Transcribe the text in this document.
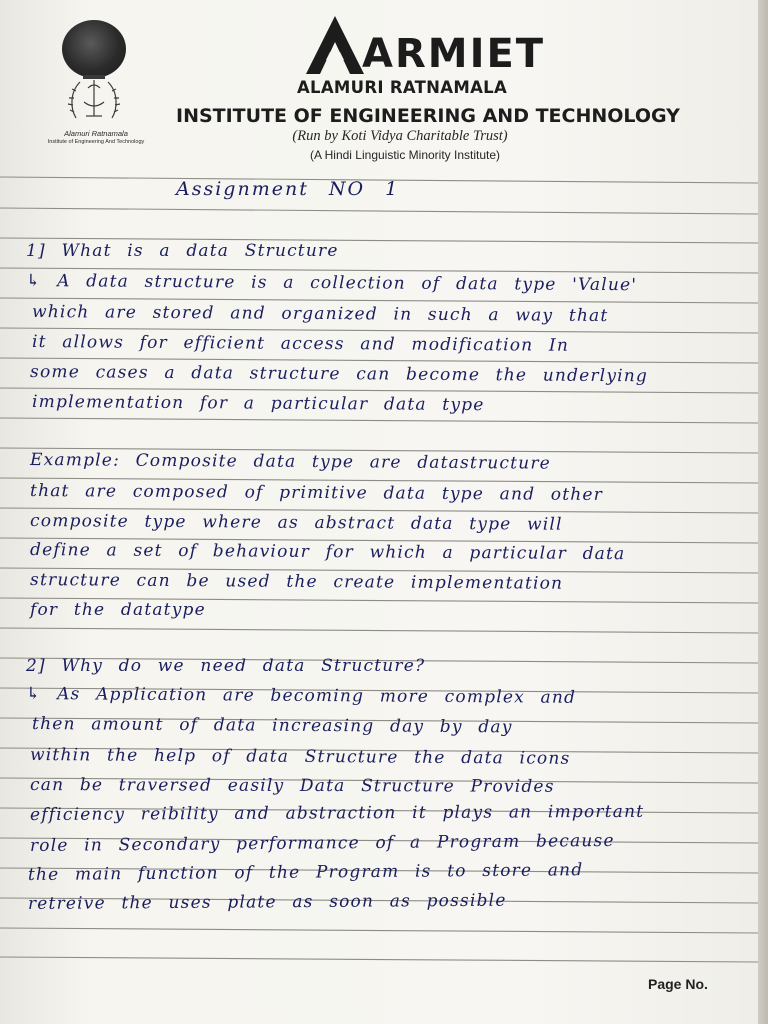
Alamuri Ratnamala
Institute of Engineering And Technology
ARMIET
ALAMURI RATNAMALA
INSTITUTE OF ENGINEERING AND TECHNOLOGY
(Run by Koti Vidya Charitable Trust)
(A Hindi Linguistic Minority Institute)
Assignment NO 1
1] What is a data Structure
↳ A data structure is a collection of data type 'Value'
which are stored and organized in such a way that
it allows for efficient access and modification In
some cases a data structure can become the underlying
implementation for a particular data type
Example: Composite data type are datastructure
that are composed of primitive data type and other
composite type where as abstract data type will
define a set of behaviour for which a particular data
structure can be used the create implementation
for the datatype
2] Why do we need data Structure?
↳ As Application are becoming more complex and
then amount of data increasing day by day
within the help of data Structure the data icons
can be traversed easily Data Structure Provides
efficiency reibility and abstraction it plays an important
role in Secondary performance of a Program because
the main function of the Program is to store and
retreive the uses plate as soon as possible
Page No.
